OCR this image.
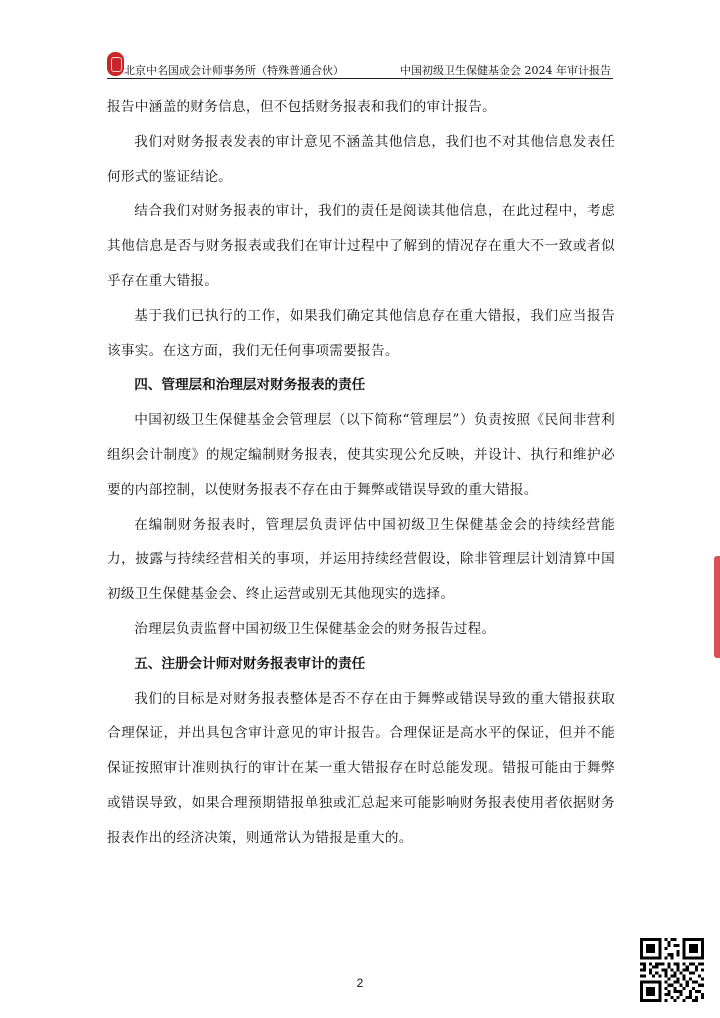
北京中名国成会计师事务所（特殊普通合伙）	中国初级卫生保健基金会 2024 年审计报告

报告中涵盖的财务信息，但不包括财务报表和我们的审计报告。

我们对财务报表发表的审计意见不涵盖其他信息，我们也不对其他信息发表任何形式的鉴证结论。

结合我们对财务报表的审计，我们的责任是阅读其他信息，在此过程中，考虑其他信息是否与财务报表或我们在审计过程中了解到的情况存在重大不一致或者似乎存在重大错报。

基于我们已执行的工作，如果我们确定其他信息存在重大错报，我们应当报告该事实。在这方面，我们无任何事项需要报告。

四、管理层和治理层对财务报表的责任

中国初级卫生保健基金会管理层（以下简称“管理层”）负责按照《民间非营利组织会计制度》的规定编制财务报表，使其实现公允反映，并设计、执行和维护必要的内部控制，以使财务报表不存在由于舞弊或错误导致的重大错报。

在编制财务报表时，管理层负责评估中国初级卫生保健基金会的持续经营能力，披露与持续经营相关的事项，并运用持续经营假设，除非管理层计划清算中国初级卫生保健基金会、终止运营或别无其他现实的选择。

治理层负责监督中国初级卫生保健基金会的财务报告过程。

五、注册会计师对财务报表审计的责任

我们的目标是对财务报表整体是否不存在由于舞弊或错误导致的重大错报获取合理保证，并出具包含审计意见的审计报告。合理保证是高水平的保证，但并不能保证按照审计准则执行的审计在某一重大错报存在时总能发现。错报可能由于舞弊或错误导致，如果合理预期错报单独或汇总起来可能影响财务报表使用者依据财务报表作出的经济决策，则通常认为错报是重大的。

2
